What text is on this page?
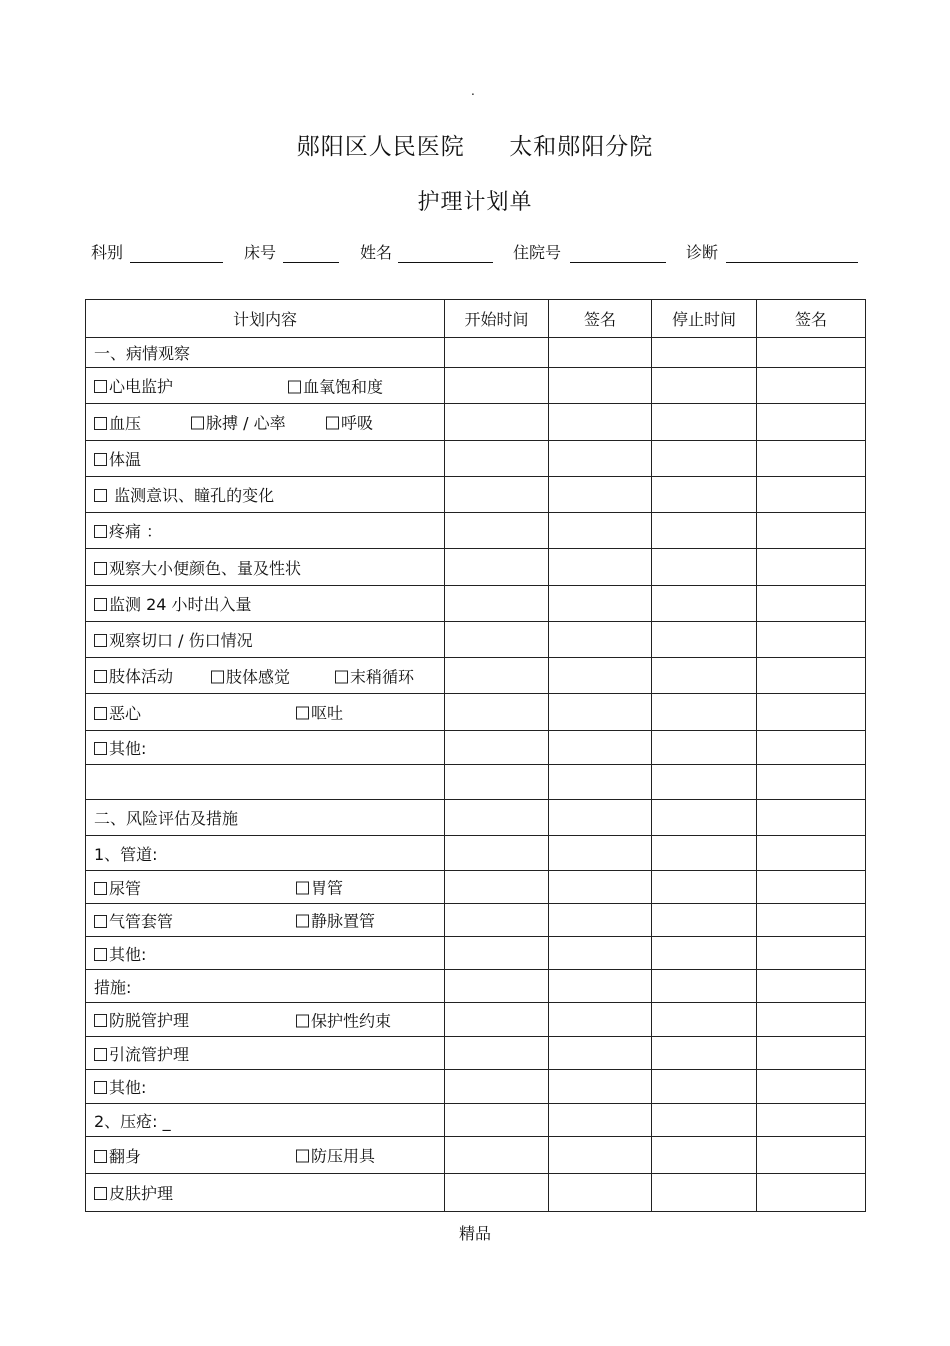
.
郧阳区人民医院  太和郧阳分院
护理计划单
科别	床号	姓名	住院号	诊断
计划内容	开始时间	签名	停止时间	签名
一、病情观察				
心电监护 血氧饱和度				

血压 脉搏 / 心率 呼吸				

体温				
监测意识、瞳孔的变化				
疼痛 ：				
观察大小便颜色、量及性状				
监测 24 小时出入量				
观察切口 / 伤口情况				
肢体活动 肢体感觉 末稍循环				

恶心 呕吐				

其他:				

二、风险评估及措施				
1、管道:				
尿管 胃管				

气管套管 静脉置管				

其他:				
措施:				
防脱管护理 保护性约束				

引流管护理				
其他:				
2、压疮: _				
翻身 防压用具				

皮肤护理				
精品
